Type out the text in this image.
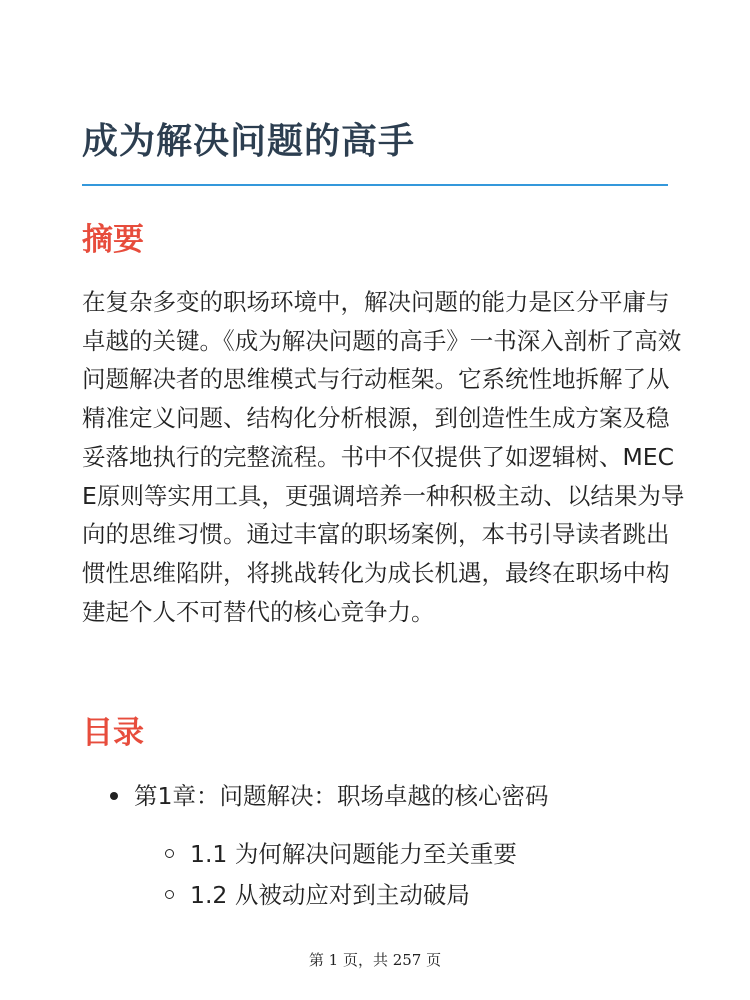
成为解决问题的高手
摘要

在复杂多变的职场环境中，解决问题的能力是区分平庸与卓越的关键。《成为解决问题的高手》一书深入剖析了高效问题解决者的思维模式与行动框架。它系统性地拆解了从精准定义问题、结构化分析根源，到创造性生成方案及稳妥落地执行的完整流程。书中不仅提供了如逻辑树、MECE原则等实用工具，更强调培养一种积极主动、以结果为导向的思维习惯。通过丰富的职场案例，本书引导读者跳出惯性思维陷阱，将挑战转化为成长机遇，最终在职场中构建起个人不可替代的核心竞争力。

目录
第1章：问题解决：职场卓越的核心密码
1.1 为何解决问题能力至关重要
1.2 从被动应对到主动破局
第 1 页，共 257 页
